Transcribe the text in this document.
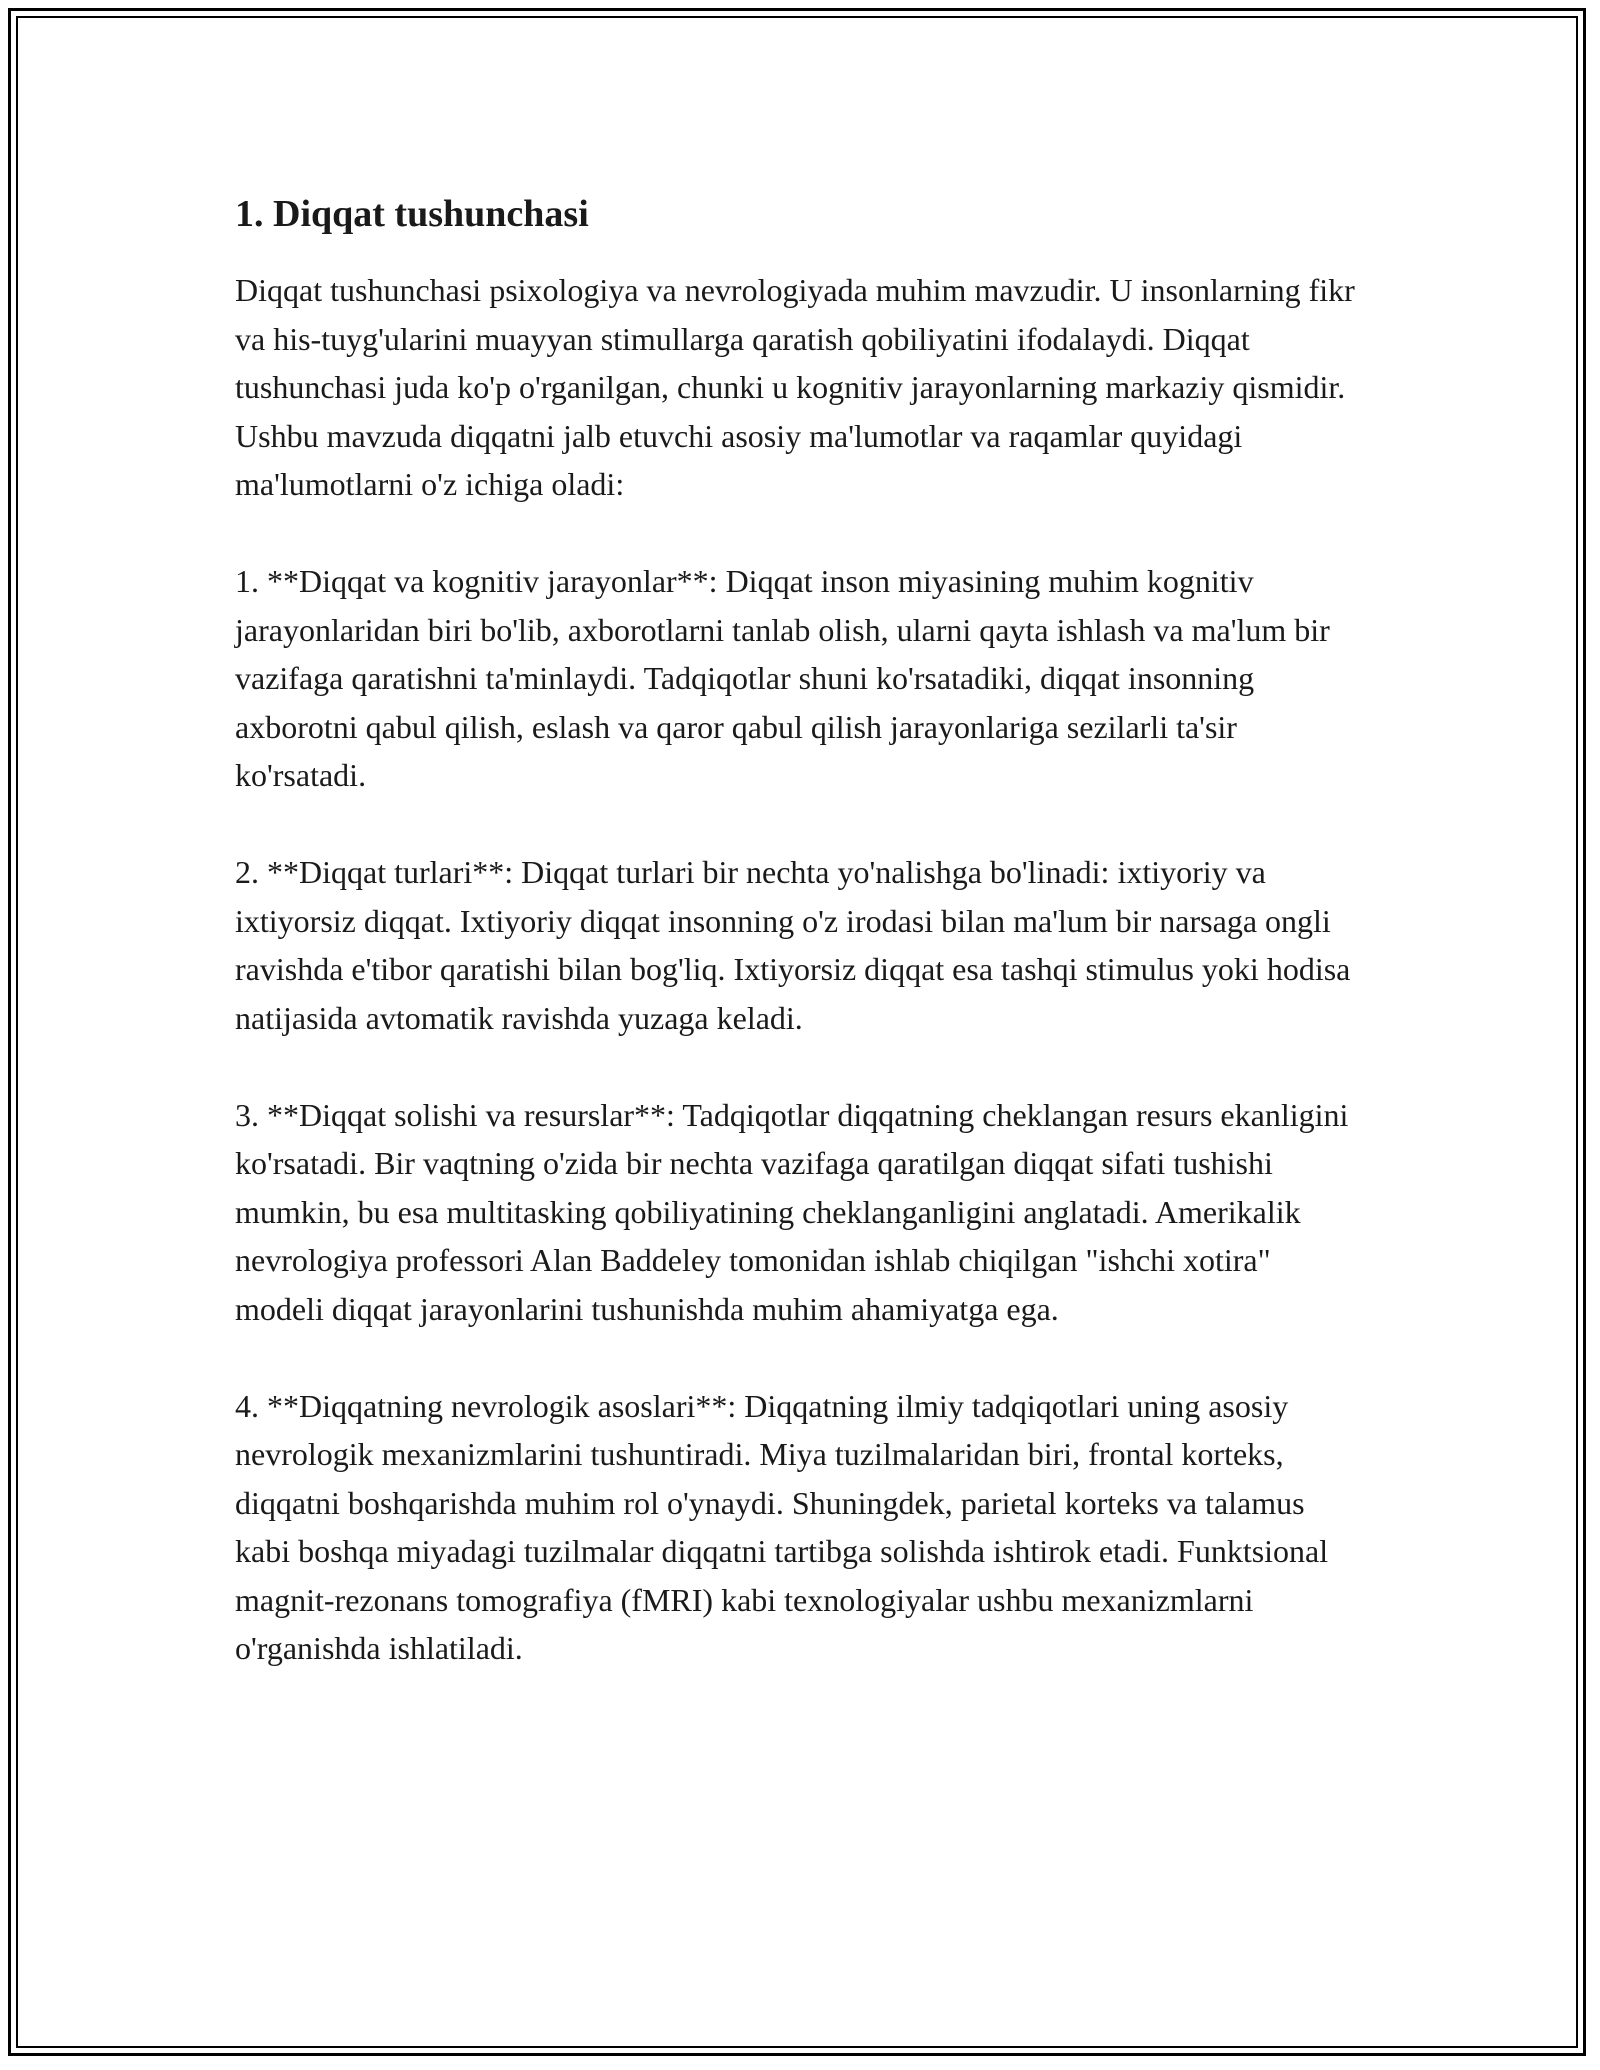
1. Diqqat tushunchasi

Diqqat tushunchasi psixologiya va nevrologiyada muhim mavzudir. U insonlarning fikr va his-tuyg'ularini muayyan stimullarga qaratish qobiliyatini ifodalaydi. Diqqat tushunchasi juda ko'p o'rganilgan, chunki u kognitiv jarayonlarning markaziy qismidir. Ushbu mavzuda diqqatni jalb etuvchi asosiy ma'lumotlar va raqamlar quyidagi ma'lumotlarni o'z ichiga oladi:

1. **Diqqat va kognitiv jarayonlar**: Diqqat inson miyasining muhim kognitiv jarayonlaridan biri bo'lib, axborotlarni tanlab olish, ularni qayta ishlash va ma'lum bir vazifaga qaratishni ta'minlaydi. Tadqiqotlar shuni ko'rsatadiki, diqqat insonning axborotni qabul qilish, eslash va qaror qabul qilish jarayonlariga sezilarli ta'sir ko'rsatadi.

2. **Diqqat turlari**: Diqqat turlari bir nechta yo'nalishga bo'linadi: ixtiyoriy va ixtiyorsiz diqqat. Ixtiyoriy diqqat insonning o'z irodasi bilan ma'lum bir narsaga ongli ravishda e'tibor qaratishi bilan bog'liq. Ixtiyorsiz diqqat esa tashqi stimulus yoki hodisa natijasida avtomatik ravishda yuzaga keladi.

3. **Diqqat solishi va resurslar**: Tadqiqotlar diqqatning cheklangan resurs ekanligini ko'rsatadi. Bir vaqtning o'zida bir nechta vazifaga qaratilgan diqqat sifati tushishi mumkin, bu esa multitasking qobiliyatining cheklanganligini anglatadi. Amerikalik nevrologiya professori Alan Baddeley tomonidan ishlab chiqilgan "ishchi xotira" modeli diqqat jarayonlarini tushunishda muhim ahamiyatga ega.

4. **Diqqatning nevrologik asoslari**: Diqqatning ilmiy tadqiqotlari uning asosiy nevrologik mexanizmlarini tushuntiradi. Miya tuzilmalaridan biri, frontal korteks, diqqatni boshqarishda muhim rol o'ynaydi. Shuningdek, parietal korteks va talamus kabi boshqa miyadagi tuzilmalar diqqatni tartibga solishda ishtirok etadi. Funktsional magnit-rezonans tomografiya (fMRI) kabi texnologiyalar ushbu mexanizmlarni o'rganishda ishlatiladi.
